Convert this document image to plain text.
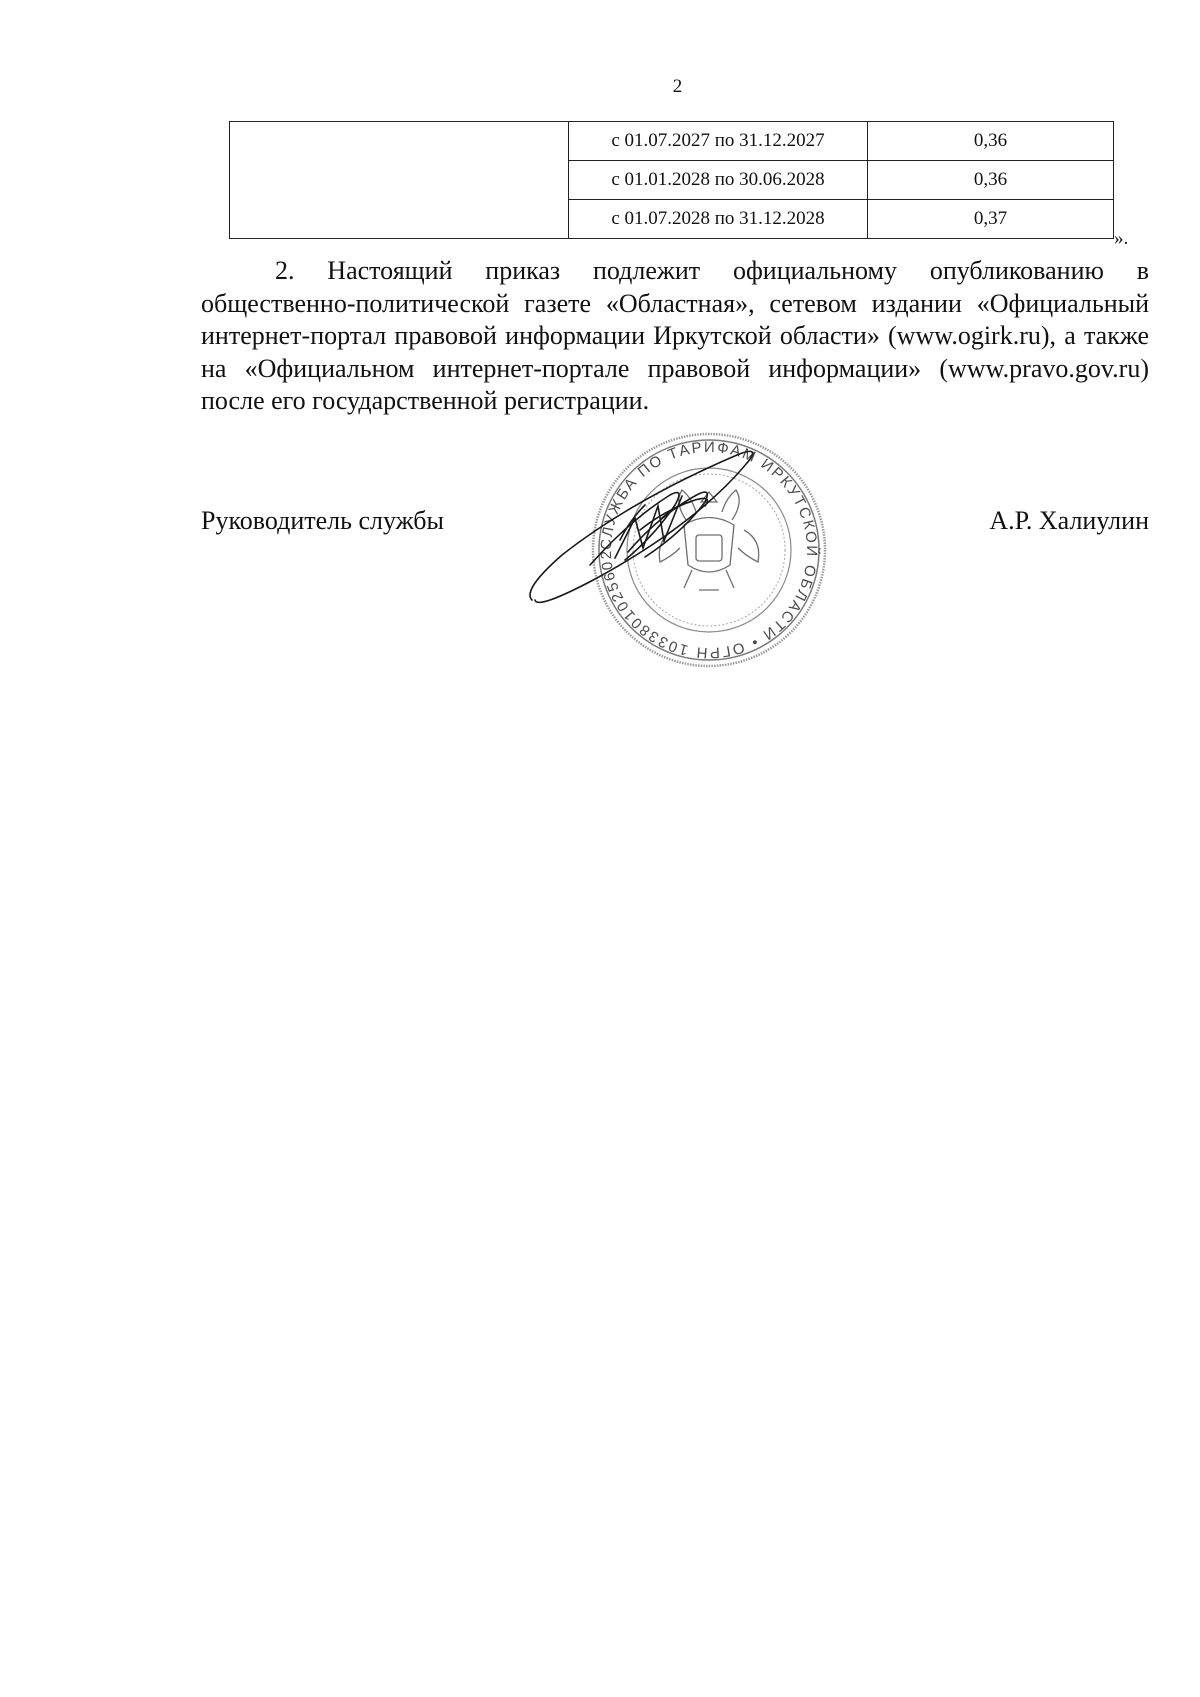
2
	с 01.07.2027 по 31.12.2027	0,36
	с 01.01.2028 по 30.06.2028	0,36
	с 01.07.2028 по 31.12.2028	0,37
».
2. Настоящий приказ подлежит официальному опубликованию в общественно-политической газете «Областная», сетевом издании «Официальный интернет-портал правовой информации Иркутской области» (www.ogirk.ru), а также на «Официальном интернет-портале правовой информации» (www.pravo.gov.ru) после его государственной регистрации.
СЛУЖБА ПО ТАРИФАМ ИРКУТСКОЙ ОБЛАСТИ • ОГРН 1033801025602
Руководитель службы	А.Р. Халиулин
